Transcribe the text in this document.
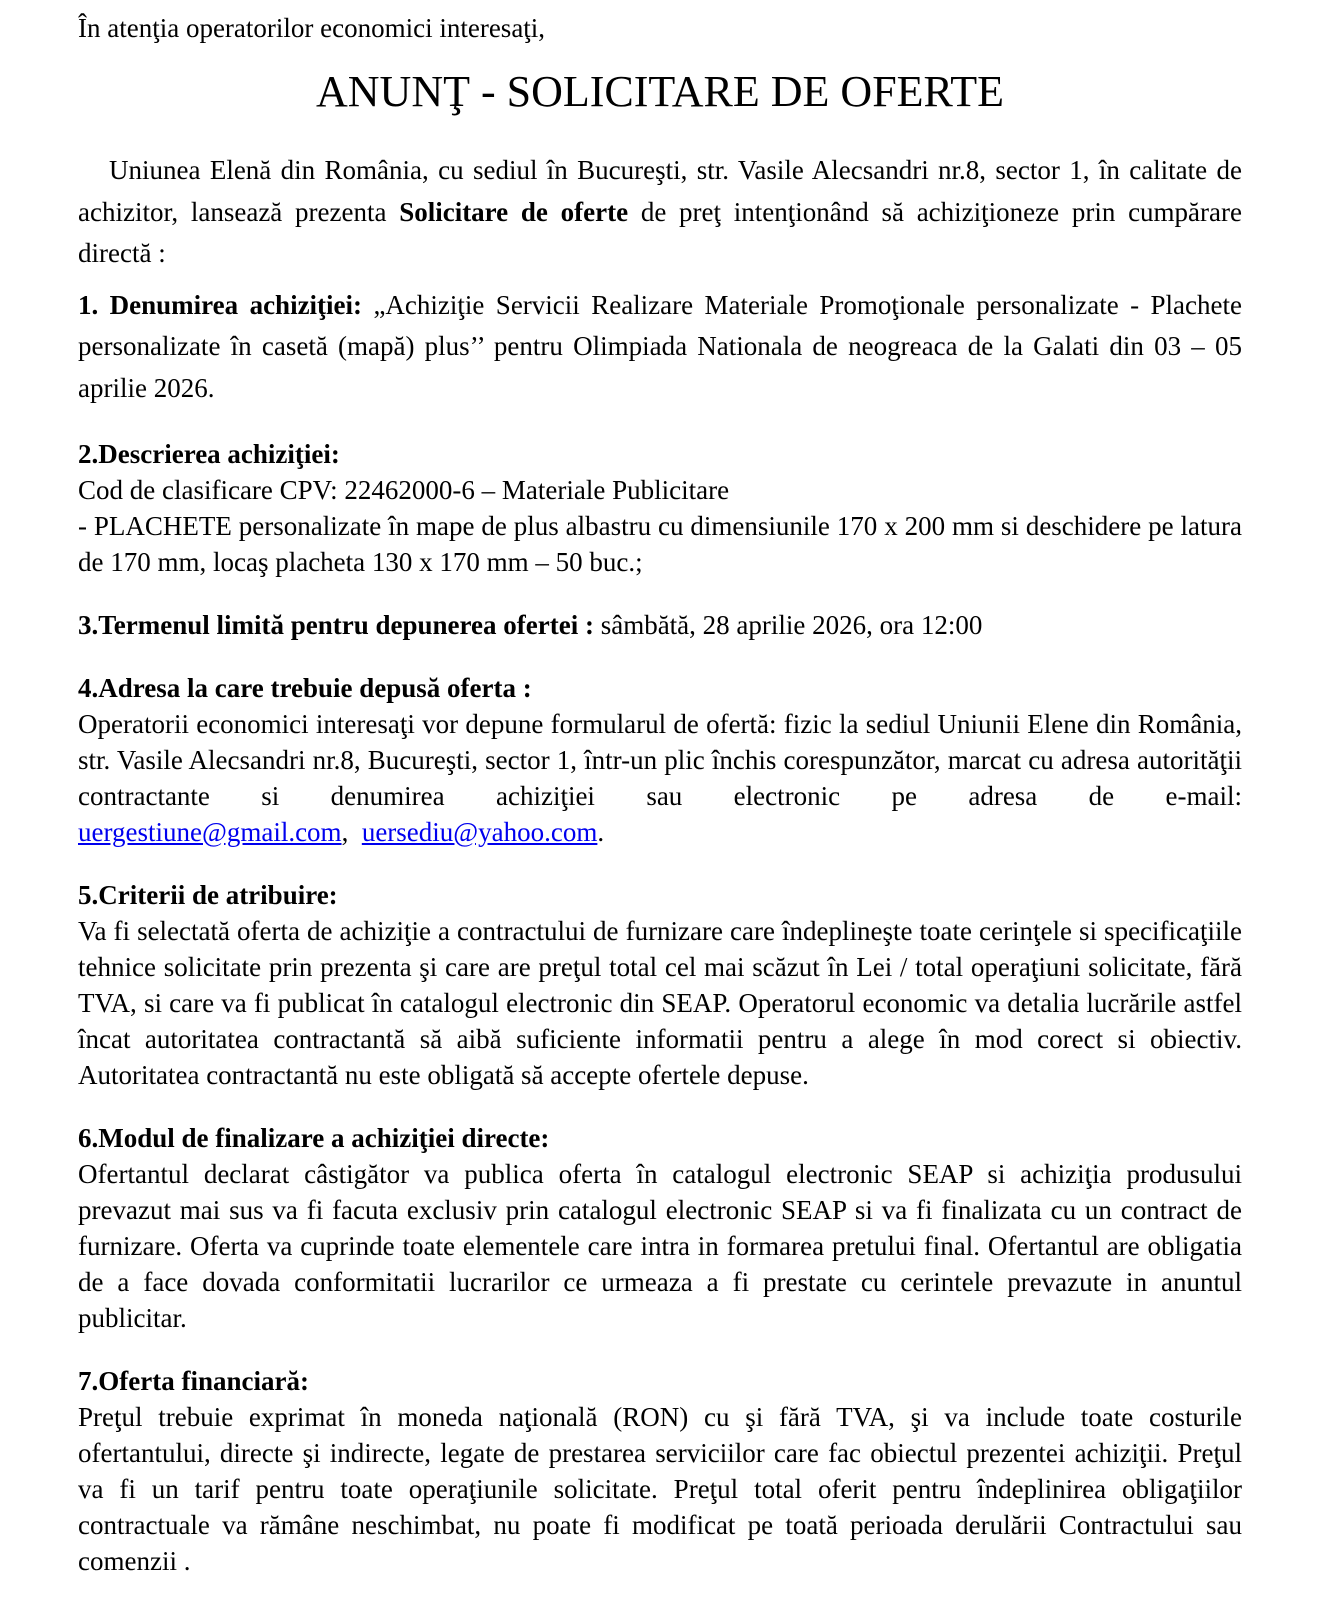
În atenţia operatorilor economici interesaţi,

ANUNŢ - SOLICITARE DE OFERTE

Uniunea Elenă din România, cu sediul în Bucureşti, str. Vasile Alecsandri nr.8, sector 1, în calitate de achizitor, lansează prezenta Solicitare de oferte de preţ intenţionând să achiziţioneze prin cumpărare directă :

1. Denumirea achiziţiei: „Achiziţie Servicii Realizare Materiale Promoţionale personalizate - Plachete personalizate în casetă (mapă) plus’’ pentru Olimpiada Nationala de neogreaca de la Galati din 03 – 05 aprilie 2026.

2.Descrierea achiziţiei:

Cod de clasificare CPV: 22462000-6 – Materiale Publicitare

- PLACHETE personalizate în mape de plus albastru cu dimensiunile 170 x 200 mm si deschidere pe latura de 170 mm, locaş placheta 130 x 170 mm – 50 buc.;

3.Termenul limită pentru depunerea ofertei : sâmbătă, 28 aprilie 2026, ora 12:00

4.Adresa la care trebuie depusă oferta :

Operatorii economici interesaţi vor depune formularul de ofertă: fizic la sediul Uniunii Elene din România, str. Vasile Alecsandri nr.8, Bucureşti, sector 1, într-un plic închis corespunzător, marcat cu adresa autorităţii contractante si denumirea achiziţiei sau electronic pe adresa de e-mail: uergestiune@gmail.com,  uersediu@yahoo.com.

5.Criterii de atribuire:

Va fi selectată oferta de achiziţie a contractului de furnizare care îndeplineşte toate cerinţele si specificaţiile tehnice solicitate prin prezenta şi care are preţul total cel mai scăzut în Lei / total operaţiuni solicitate, fără TVA, si care va fi publicat în catalogul electronic din SEAP. Operatorul economic va detalia lucrările astfel încat autoritatea contractantă să aibă suficiente informatii pentru a alege în mod corect si obiectiv. Autoritatea contractantă nu este obligată să accepte ofertele depuse.

6.Modul de finalizare a achiziţiei directe:

Ofertantul declarat câstigător va publica oferta în catalogul electronic SEAP si achiziţia produsului prevazut mai sus va fi facuta exclusiv prin catalogul electronic SEAP si va fi finalizata cu un contract de furnizare. Oferta va cuprinde toate elementele care intra in formarea pretului final. Ofertantul are obligatia de a face dovada conformitatii lucrarilor ce urmeaza a fi prestate cu cerintele prevazute in anuntul publicitar.

7.Oferta financiară:

Preţul trebuie exprimat în moneda naţională (RON) cu şi fără TVA, şi va include toate costurile ofertantului, directe şi indirecte, legate de prestarea serviciilor care fac obiectul prezentei achiziţii. Preţul va fi un tarif pentru toate operaţiunile solicitate. Preţul total oferit pentru îndeplinirea obligaţiilor contractuale va rămâne neschimbat, nu poate fi modificat pe toată perioada derulării Contractului sau comenzii .
